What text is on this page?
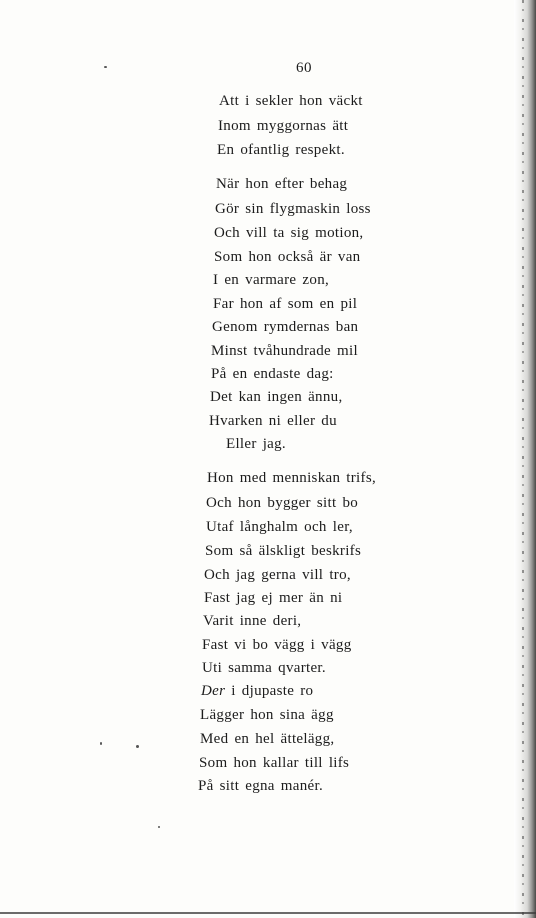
60
Att i sekler hon väckt
Inom myggornas ätt
En ofantlig respekt.
När hon efter behag
Gör sin flygmaskin loss
Och vill ta sig motion,
Som hon också är van
I en varmare zon,
Far hon af som en pil
Genom rymdernas ban
Minst tvåhundrade mil
På en endaste dag:
Det kan ingen ännu,
Hvarken ni eller du
Eller jag.
Hon med menniskan trifs,
Och hon bygger sitt bo
Utaf långhalm och ler,
Som så älskligt beskrifs
Och jag gerna vill tro,
Fast jag ej mer än ni
Varit inne deri,
Fast vi bo vägg i vägg
Uti samma qvarter.
Der i djupaste ro
Lägger hon sina ägg
Med en hel ättelägg,
Som hon kallar till lifs
På sitt egna manér.
